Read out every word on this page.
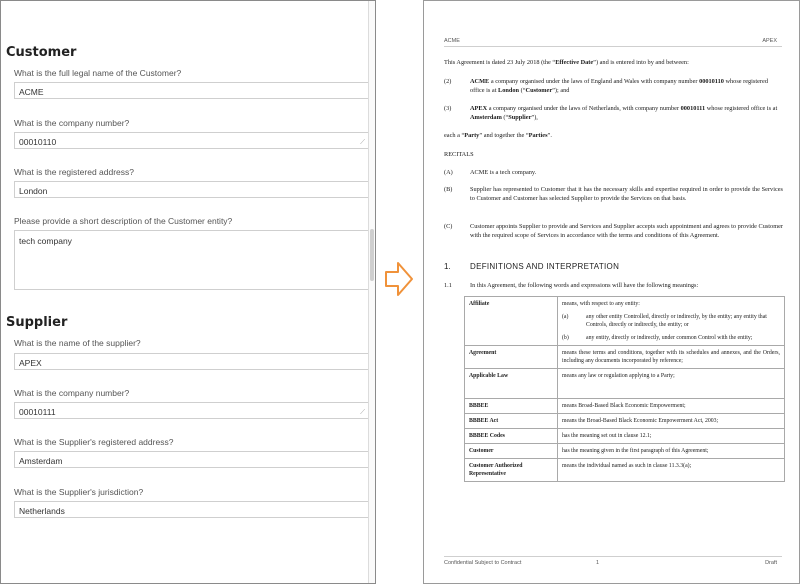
Customer
What is the full legal name of the Customer?
ACME
What is the company number?
00010110	⟋
What is the registered address?
London
Please provide a short description of the Customer entity?
tech company
Supplier
What is the name of the supplier?
APEX
What is the company number?
00010111	⟋
What is the Supplier's registered address?
Amsterdam
What is the Supplier's jurisdiction?
Netherlands
ACME	APEX
This Agreement is dated 23 July 2018 (the “Effective Date”) and is entered into by and between:
(2)	ACME a company organised under the laws of England and Wales with company number 00010110 whose registered office is at London (“Customer”); and
(3)	APEX a company organised under the laws of Netherlands, with company number 00010111 whose registered office is at Amsterdam (“Supplier”),
each a “Party” and together the “Parties”.
RECITALS
(A)	ACME is a tech company.
(B)	Supplier has represented to Customer that it has the necessary skills and expertise required in order to provide the Services to Customer and Customer has selected Supplier to provide the Services on that basis.
(C)	Customer appoints Supplier to provide and Services and Supplier accepts such appointment and agrees to provide Customer with the required scope of Services in accordance with the terms and conditions of this Agreement.
1. DEFINITIONS AND INTERPRETATION
1.1	In this Agreement, the following words and expressions will have the following meanings:
Affiliate	means, with respect to any entity:
(a) any other entity Controlled, directly or indirectly, by the entity; any entity that Controls, directly or indirectly, the entity; or
(b) any entity, directly or indirectly, under common Control with the entity;

Agreement	means these terms and conditions, together with its schedules and annexes, and the Orders, including any documents incorporated by reference;
Applicable Law	means any law or regulation applying to a Party;
BBBEE	means Broad-Based Black Economic Empowerment;
BBBEE Act	means the Broad-Based Black Economic Empowerment Act, 2003;
BBBEE Codes	has the meaning set out in clause 12.1;
Customer	has the meaning given in the first paragraph of this Agreement;
Customer Authorized Representative	means the individual named as such in clause 11.3.3(a);
Confidential Subject to Contract	1	Draft
